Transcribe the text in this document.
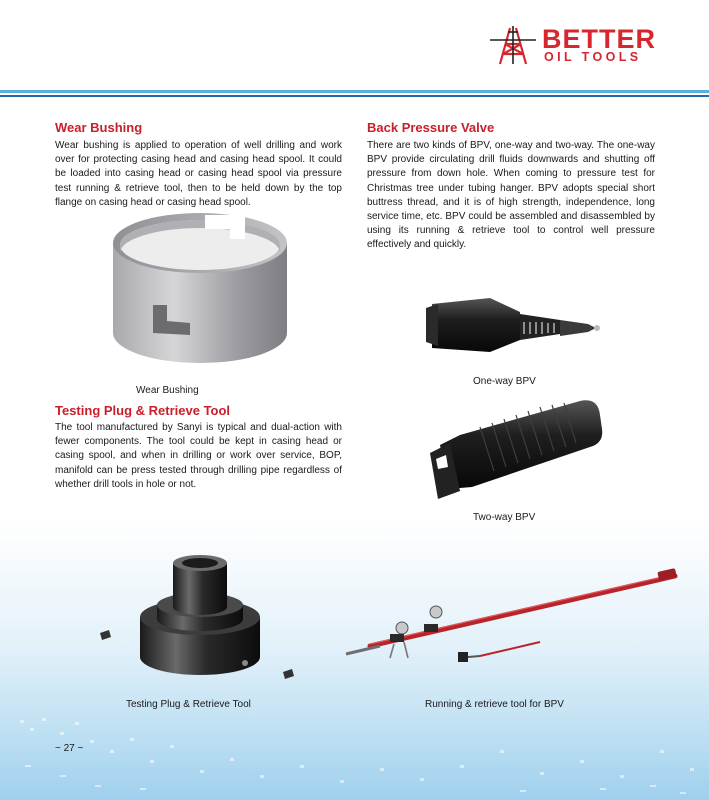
BETTER
OIL TOOLS
Wear Bushing
Wear bushing is applied to operation of well drilling and work over for protecting casing head and casing head spool. It could be loaded into casing head or casing head spool via pressure test running & retrieve tool, then to be held down by the top flange on casing head or casing head spool.
Wear Bushing
Back Pressure Valve
There are two kinds of BPV, one-way and two-way. The one-way BPV provide circulating drill fluids downwards and shutting off pressure from down hole. When coming to pressure test for Christmas tree under tubing hanger. BPV adopts special short buttress thread, and it is of high strength, independence, long service time, etc. BPV could be assembled and disassembled by using its running & retrieve tool to control well pressure effectively and quickly.
One-way BPV
Two-way BPV
Testing Plug & Retrieve Tool
The tool manufactured by Sanyi is typical and dual-action with fewer components. The tool could be kept in casing head or casing spool, and when in drilling or work over service, BOP, manifold can be press tested through drilling pipe regardless of whether drill tools in hole or not.
Testing Plug & Retrieve Tool	Running & retrieve tool for BPV
~ 27 ~
